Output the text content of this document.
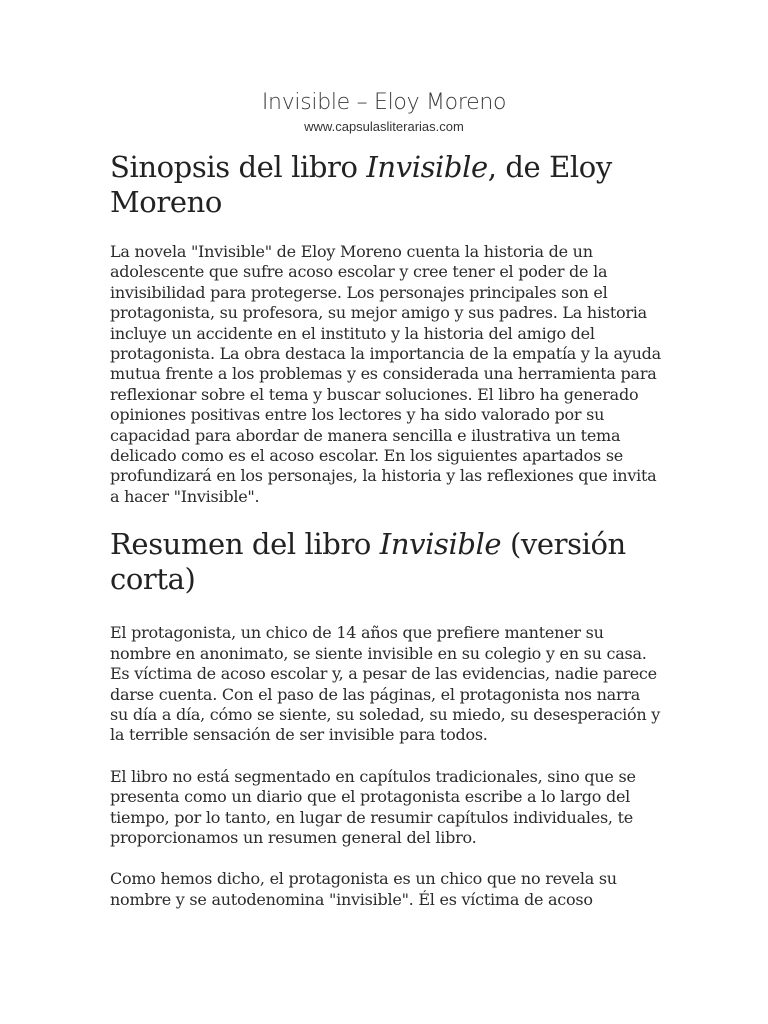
Invisible – Eloy Moreno
www.capsulasliterarias.com
Sinopsis del libro Invisible, de Eloy Moreno

La novela "Invisible" de Eloy Moreno cuenta la historia de un adolescente que sufre acoso escolar y cree tener el poder de la invisibilidad para protegerse. Los personajes principales son el protagonista, su profesora, su mejor amigo y sus padres. La historia incluye un accidente en el instituto y la historia del amigo del protagonista. La obra destaca la importancia de la empatía y la ayuda mutua frente a los problemas y es considerada una herramienta para reflexionar sobre el tema y buscar soluciones. El libro ha generado opiniones positivas entre los lectores y ha sido valorado por su capacidad para abordar de manera sencilla e ilustrativa un tema delicado como es el acoso escolar. En los siguientes apartados se profundizará en los personajes, la historia y las reflexiones que invita a hacer "Invisible".

Resumen del libro Invisible (versión corta)

El protagonista, un chico de 14 años que prefiere mantener su nombre en anonimato, se siente invisible en su colegio y en su casa. Es víctima de acoso escolar y, a pesar de las evidencias, nadie parece darse cuenta. Con el paso de las páginas, el protagonista nos narra su día a día, cómo se siente, su soledad, su miedo, su desesperación y la terrible sensación de ser invisible para todos.

El libro no está segmentado en capítulos tradicionales, sino que se presenta como un diario que el protagonista escribe a lo largo del tiempo, por lo tanto, en lugar de resumir capítulos individuales, te proporcionamos un resumen general del libro.

Como hemos dicho, el protagonista es un chico que no revela su nombre y se autodenomina "invisible". Él es víctima de acoso
